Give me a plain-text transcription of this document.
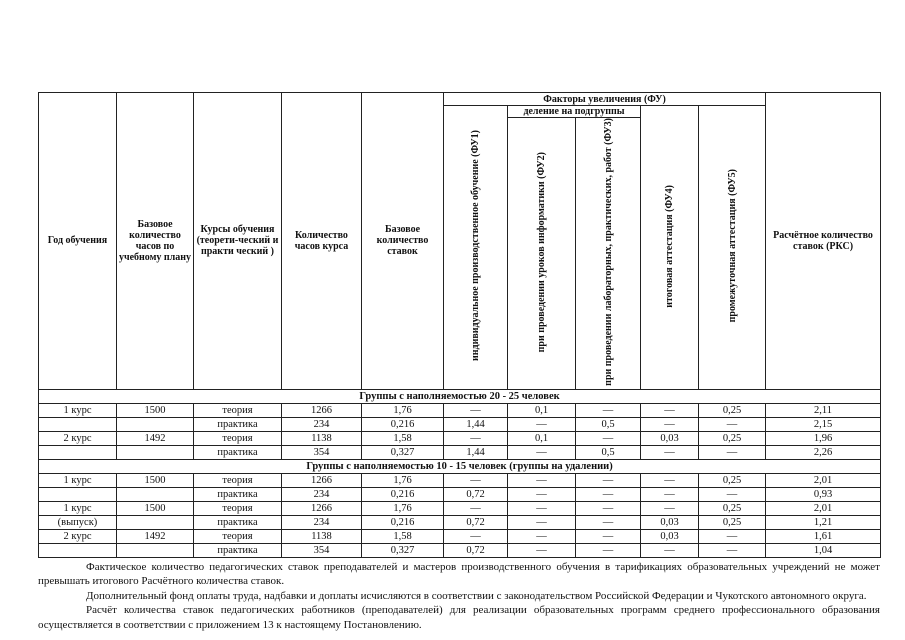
Год обучения	Базовое количество часов по учебному плану	Курсы обучения (теорети-ческий и практи ческий )	Количество часов курса	Базовое количество ставок	Факторы увеличения (ФУ)					Расчётное количество ставок (РКС)
					индивидуальное производственное обучение (ФУ1)	деление на подгруппы		итоговая аттестация (ФУ4)	промежуточная аттестация (ФУ5)	
						при проведении уроков информатики (ФУ2)	при проведении лабораторных, практических, работ (ФУ3)			
Группы с наполняемостью 20 - 25 человек										
1 курс	1500	теория	1266	1,76	—	0,1	—	—	0,25	2,11
		практика	234	0,216	1,44	—	0,5	—	—	2,15
2 курс	1492	теория	1138	1,58	—	0,1	—	0,03	0,25	1,96
		практика	354	0,327	1,44	—	0,5	—	—	2,26
Группы с наполняемостью 10 - 15 человек (группы на удалении)										
1 курс	1500	теория	1266	1,76	—	—	—	—	0,25	2,01
		практика	234	0,216	0,72	—	—	—	—	0,93
1 курс	1500	теория	1266	1,76	—	—	—	—	0,25	2,01
(выпуск)		практика	234	0,216	0,72	—	—	0,03	0,25	1,21
2 курс	1492	теория	1138	1,58	—	—	—	0,03	—	1,61
		практика	354	0,327	0,72	—	—	—	—	1,04

Фактическое количество педагогических ставок преподавателей и мастеров производственного обучения в тарификациях образовательных учреждений не может превышать итогового Расчётного количества ставок.

Дополнительный фонд оплаты труда, надбавки и доплаты исчисляются в соответствии с законодательством Российской Федерации и Чукотского автономного округа.

Расчёт количества ставок педагогических работников (преподавателей) для реализации образовательных программ среднего профессионального образования осуществляется в соответствии с приложением 13 к настоящему Постановлению.
